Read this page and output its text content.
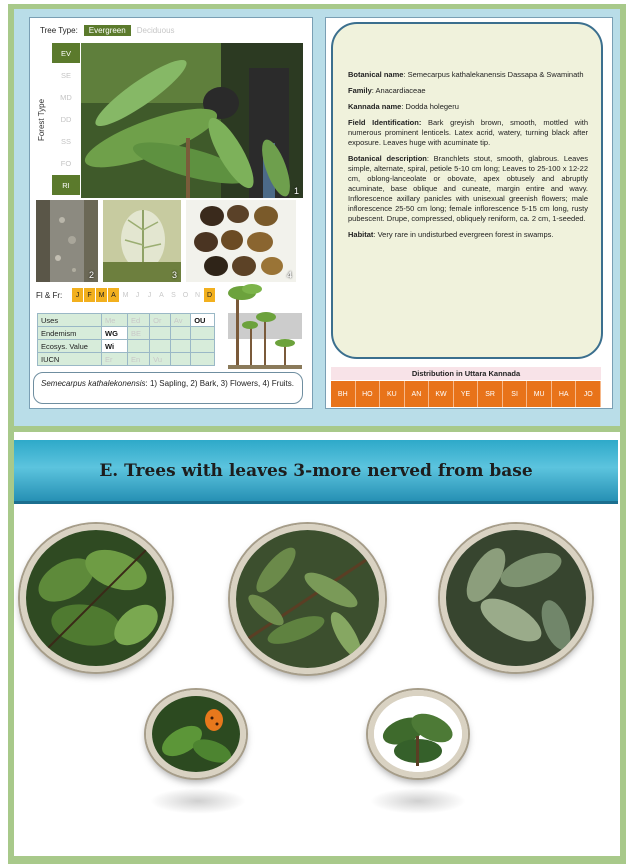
Tree Type:	Evergreen	Deciduous
Forest Type
EV
SE
MD
DD
SS
FO
RI
1
2	3	4
Fl & Fr:	J	F M A M	J	J	A	S O N D
Uses	Me	Ed	Or	Av	OU
Endemism	WG	BE			
Ecosys. Value	Wi				
IUCN	Er	En	Vu		
Semecarpus kathalekonensis: 1) Sapling, 2) Bark, 3) Flowers, 4) Fruits.

Botanical name: Semecarpus kathalekanensis Dassapa & Swaminath

Family: Anacardiaceae

Kannada name: Dodda holegeru

Field Identification: Bark greyish brown, smooth, mottled with numerous prominent lenticels. Latex acrid, watery, turning black after exposure. Leaves huge with acuminate tip.

Botanical description: Branchlets stout, smooth, glabrous. Leaves simple, alternate, spiral, petiole 5-10 cm long; Leaves to 25-100 x 12-22 cm, oblong-lanceolate or obovate, apex obtusely and abruptly acuminate, base oblique and cuneate, margin entire and wavy. Inflorescence axillary panicles with unisexual greenish flowers; male inflorescence 25-50 cm long; female inflorescence 5-15 cm long, rusty pubescent. Drupe, compressed, obliquely reniform, ca. 2 cm, 1-seeded.

Habitat: Very rare in undisturbed evergreen forest in swamps.

Distribution in Uttara Kannada
BH	HO	KU	AN	KW	YE	SR	SI	MU	HA	JO
E. Trees with leaves 3-more nerved from base
